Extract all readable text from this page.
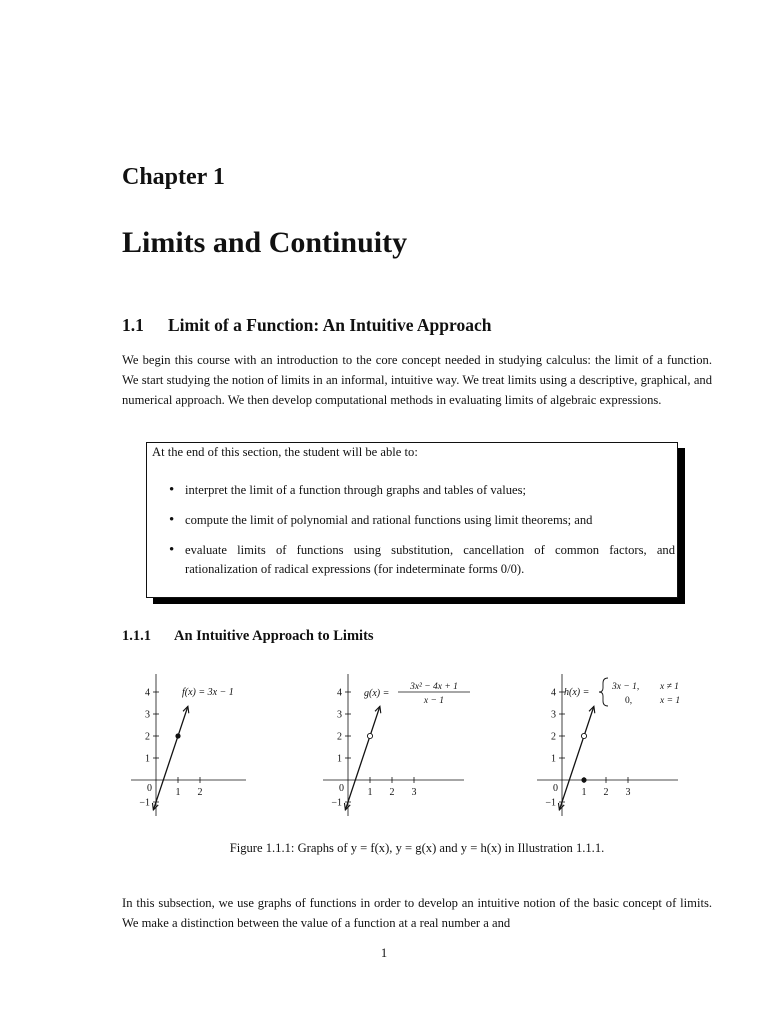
Chapter 1
Limits and Continuity
1.1 Limit of a Function: An Intuitive Approach

We begin this course with an introduction to the core concept needed in studying calculus: the limit of a function. We start studying the notion of limits in an informal, intuitive way. We treat limits using a descriptive, graphical, and numerical approach. We then develop computational methods in evaluating limits of algebraic expressions.

At the end of this section, the student will be able to:
• interpret the limit of a function through graphs and tables of values;
• compute the limit of polynomial and rational functions using limit theorems; and
• evaluate limits of functions using substitution, cancellation of common factors, and rationalization of radical expressions (for indeterminate forms 0/0).
1.1.1 An Intuitive Approach to Limits
4
3
2
1
−1
1 2
0
f(x) = 3x − 1	4
3
2
1
−1
1 2 3
0
g(x) =
3x² − 4x + 1
x − 1
4
3
2
1
−1
1 2 3
0
h(x) = 3x − 1, x ≠ 1
0,	x = 1
Figure 1.1.1: Graphs of y = f(x), y = g(x) and y = h(x) in Illustration 1.1.1.

In this subsection, we use graphs of functions in order to develop an intuitive notion of the basic concept of limits. We make a distinction between the value of a function at a real number a and

1
